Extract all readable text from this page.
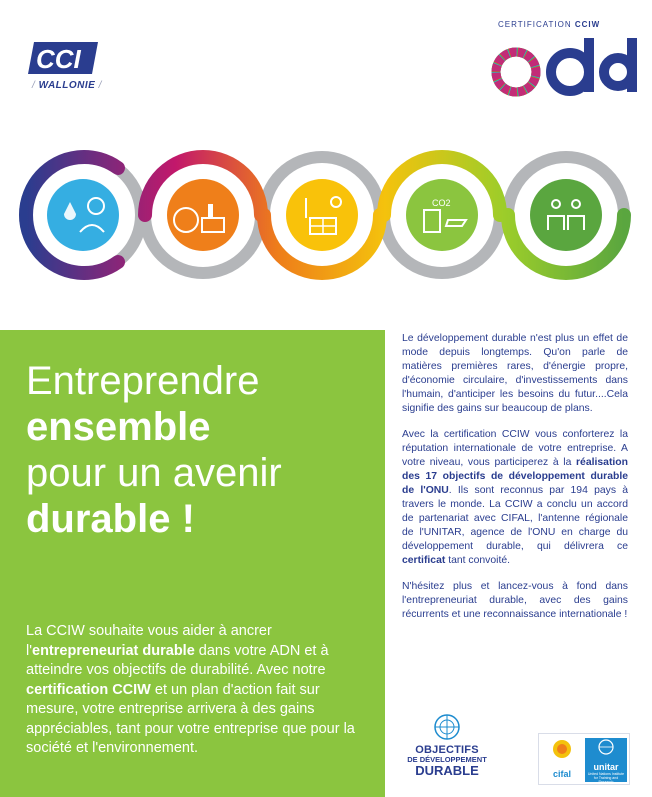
CCI
/ WALLONIE /
CERTIFICATION CCIW
CO2
Entreprendre
ensemble
pour un avenir
durable !
La CCIW souhaite vous aider à ancrer l'entrepreneuriat durable dans votre ADN et à atteindre vos objectifs de durabilité. Avec notre certification CCIW et un plan d'action fait sur mesure, votre entreprise arrivera à des gains appréciables, tant pour votre entreprise que pour la société et l'environnement.

Le développement durable n'est plus un effet de mode depuis longtemps. Qu'on parle de matières premières rares, d'énergie propre, d'économie circulaire, d'investissements dans l'humain, d'anticiper les besoins du futur....Cela signifie des gains sur beaucoup de plans.

Avec la certification CCIW vous conforterez la réputation internationale de votre entreprise. A votre niveau, vous participerez à la réalisation des 17 objectifs de développement durable de l'ONU. Ils sont reconnus par 194 pays à travers le monde. La CCIW a conclu un accord de partenariat avec CIFAL, l'antenne régionale de l'UNITAR, agence de l'ONU en charge du développement durable, qui délivrera ce certificat tant convoité.

N'hésitez plus et lancez-vous à fond dans l'entrepreneuriat durable, avec des gains récurrents et une reconnaissance internationale !

OBJECTIFS
DE DÉVELOPPEMENT
DURABLE	cifal
unitar
United Nations Institute for Training and Research
